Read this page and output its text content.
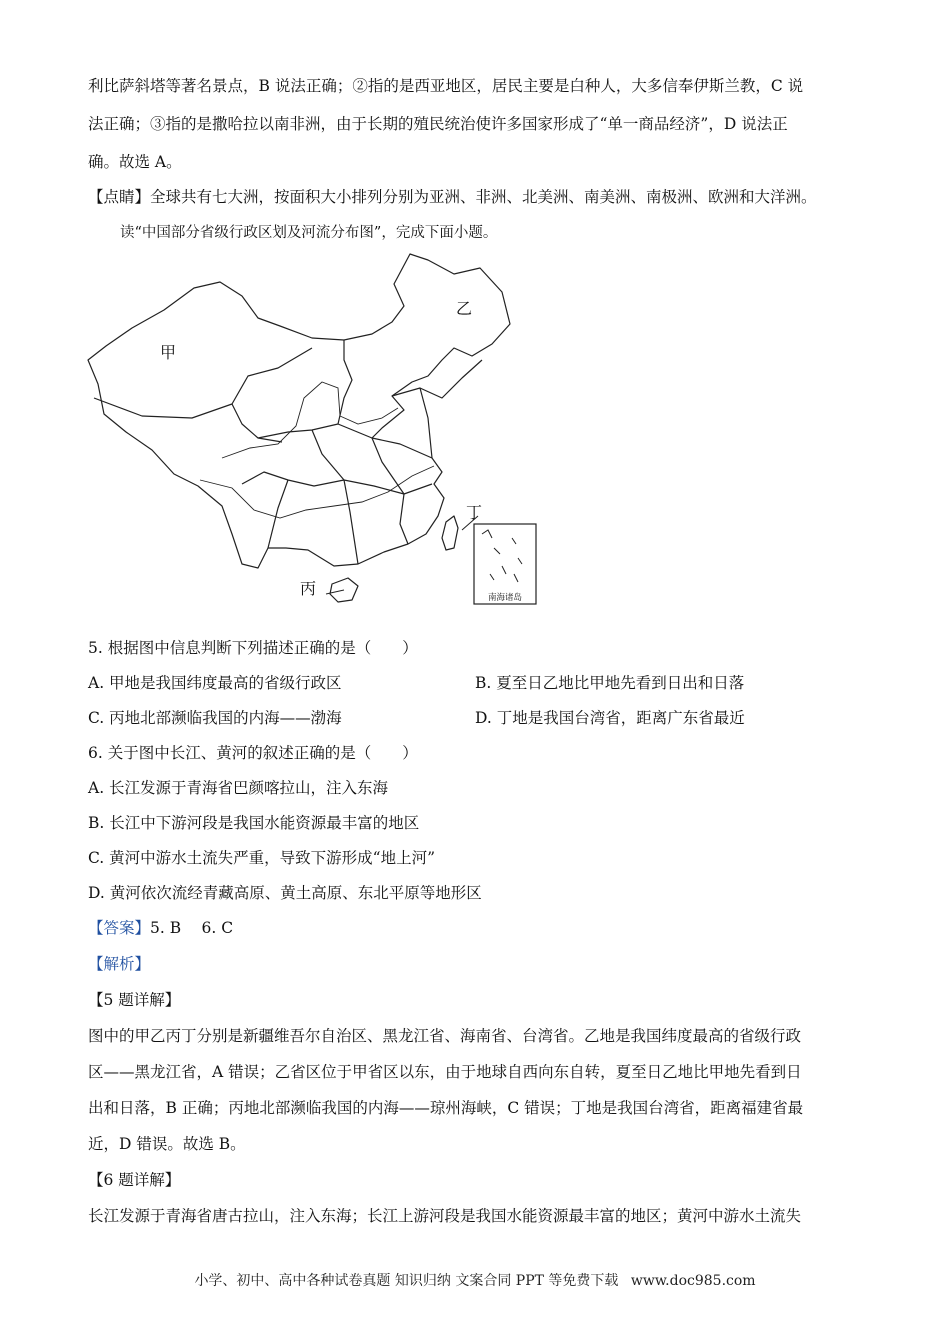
利比萨斜塔等著名景点，B 说法正确；②指的是西亚地区，居民主要是白种人，大多信奉伊斯兰教，C 说
法正确；③指的是撒哈拉以南非洲，由于长期的殖民统治使许多国家形成了“单一商品经济”，D 说法正
确。故选 A。
【点睛】全球共有七大洲，按面积大小排列分别为亚洲、非洲、北美洲、南美洲、南极洲、欧洲和大洋洲。
读“中国部分省级行政区划及河流分布图”，完成下面小题。
南海诸岛
甲
乙
丙
丁
5. 根据图中信息判断下列描述正确的是（　　）
A. 甲地是我国纬度最高的省级行政区	B. 夏至日乙地比甲地先看到日出和日落
C. 丙地北部濒临我国的内海——渤海	D. 丁地是我国台湾省，距离广东省最近
6. 关于图中长江、黄河的叙述正确的是（　　）
A. 长江发源于青海省巴颜喀拉山，注入东海
B. 长江中下游河段是我国水能资源最丰富的地区
C. 黄河中游水土流失严重，导致下游形成“地上河”
D. 黄河依次流经青藏高原、黄土高原、东北平原等地形区
【答案】5. B　 6. C
【解析】
【5 题详解】
图中的甲乙丙丁分别是新疆维吾尔自治区、黑龙江省、海南省、台湾省。乙地是我国纬度最高的省级行政
区——黑龙江省，A 错误；乙省区位于甲省区以东，由于地球自西向东自转，夏至日乙地比甲地先看到日
出和日落，B 正确；丙地北部濒临我国的内海——琼州海峡，C 错误；丁地是我国台湾省，距离福建省最
近，D 错误。故选 B。
【6 题详解】
长江发源于青海省唐古拉山，注入东海；长江上游河段是我国水能资源最丰富的地区；黄河中游水土流失
小学、初中、高中各种试卷真题 知识归纳 文案合同 PPT 等免费下载 www.doc985.com
